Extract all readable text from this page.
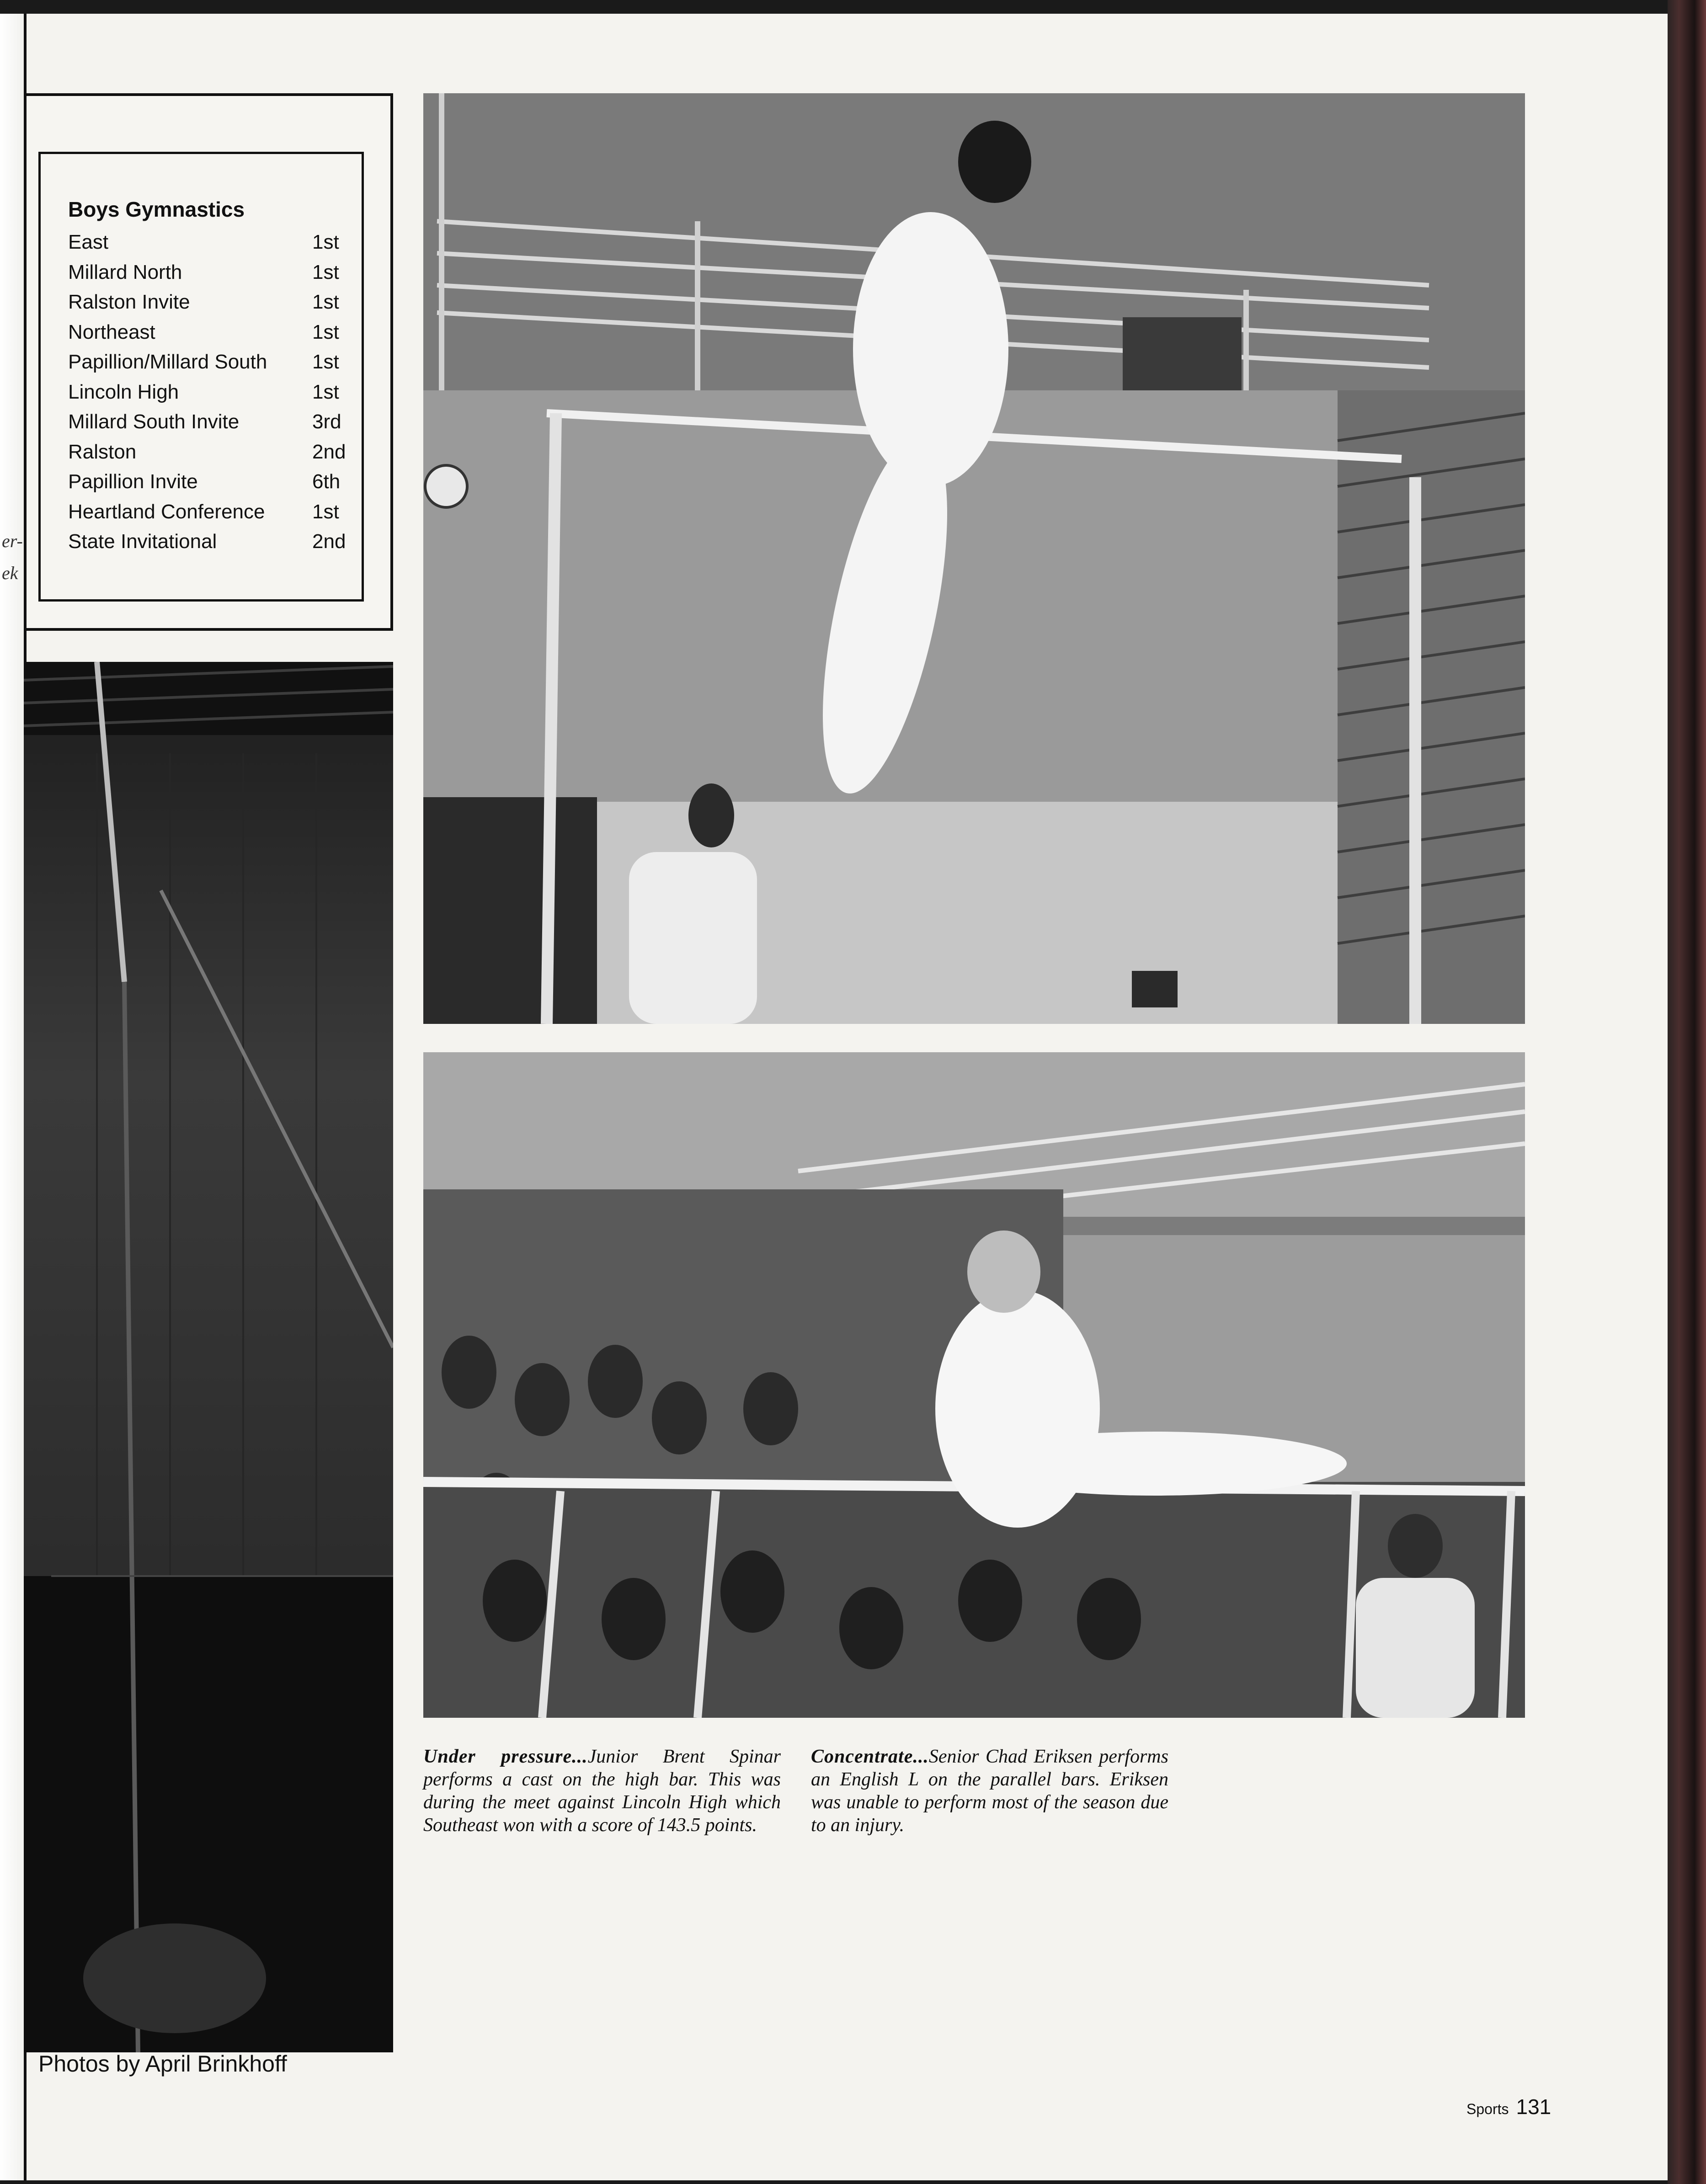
er-
ek
Boys Gymnastics
East	1st
Millard North	1st
Ralston Invite	1st
Northeast	1st
Papillion/Millard South 1st
Lincoln High	1st
Millard South Invite	3rd
Ralston	2nd
Papillion Invite	6th
Heartland Conference 1st
State Invitational	2nd
Under pressure...Junior Brent Spinar performs a cast on the high bar. This was during the meet against Lincoln High which Southeast won with a score of 143.5 points.
Concentrate...Senior Chad Eriksen performs an English L on the parallel bars. Eriksen was unable to perform most of the season due to an injury.
Photos by April Brinkhoff
Sports 131
